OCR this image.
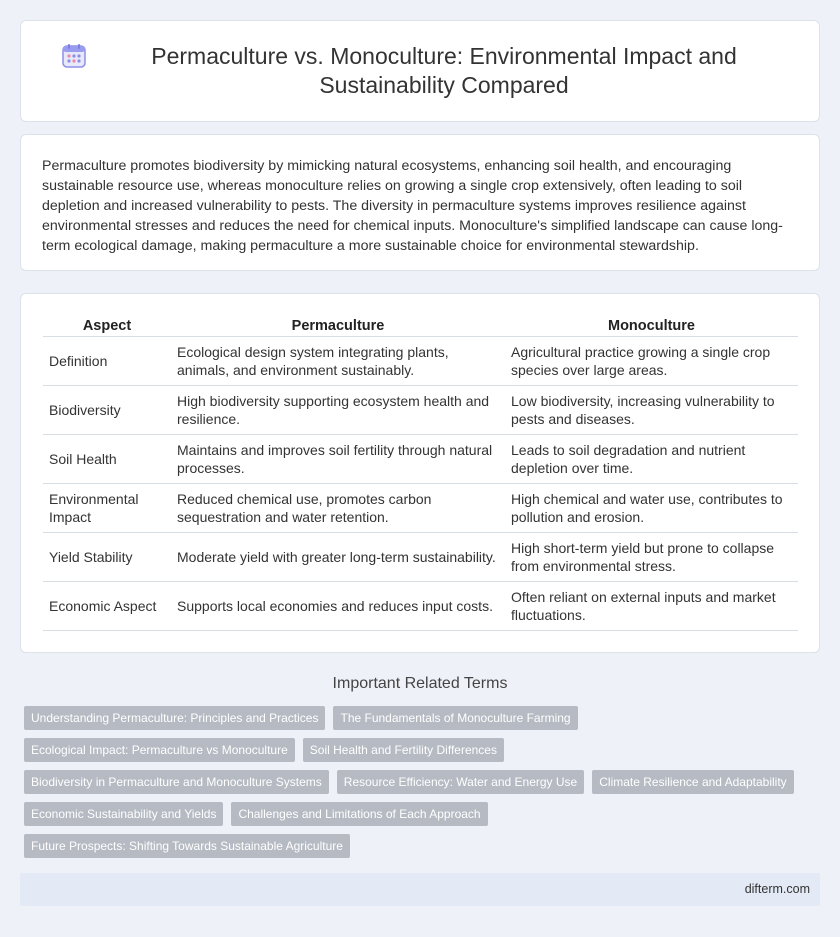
Permaculture vs. Monoculture: Environmental Impact and Sustainability Compared

Permaculture promotes biodiversity by mimicking natural ecosystems, enhancing soil health, and encouraging sustainable resource use, whereas monoculture relies on growing a single crop extensively, often leading to soil depletion and increased vulnerability to pests. The diversity in permaculture systems improves resilience against environmental stresses and reduces the need for chemical inputs. Monoculture's simplified landscape can cause long-term ecological damage, making permaculture a more sustainable choice for environmental stewardship.

Aspect	Permaculture	Monoculture
Definition	Ecological design system integrating plants, animals, and environment sustainably.	Agricultural practice growing a single crop species over large areas.
Biodiversity	High biodiversity supporting ecosystem health and resilience.	Low biodiversity, increasing vulnerability to pests and diseases.
Soil Health	Maintains and improves soil fertility through natural processes.	Leads to soil degradation and nutrient depletion over time.
Environmental Impact	Reduced chemical use, promotes carbon sequestration and water retention.	High chemical and water use, contributes to pollution and erosion.
Yield Stability	Moderate yield with greater long-term sustainability.	High short-term yield but prone to collapse from environmental stress.
Economic Aspect	Supports local economies and reduces input costs.	Often reliant on external inputs and market fluctuations.
Important Related Terms
Understanding Permaculture: Principles and Practices	The Fundamentals of Monoculture Farming
Ecological Impact: Permaculture vs Monoculture	Soil Health and Fertility Differences
Biodiversity in Permaculture and Monoculture Systems	Resource Efficiency: Water and Energy Use	Climate Resilience and Adaptability
Economic Sustainability and Yields	Challenges and Limitations of Each Approach
Future Prospects: Shifting Towards Sustainable Agriculture
difterm.com
